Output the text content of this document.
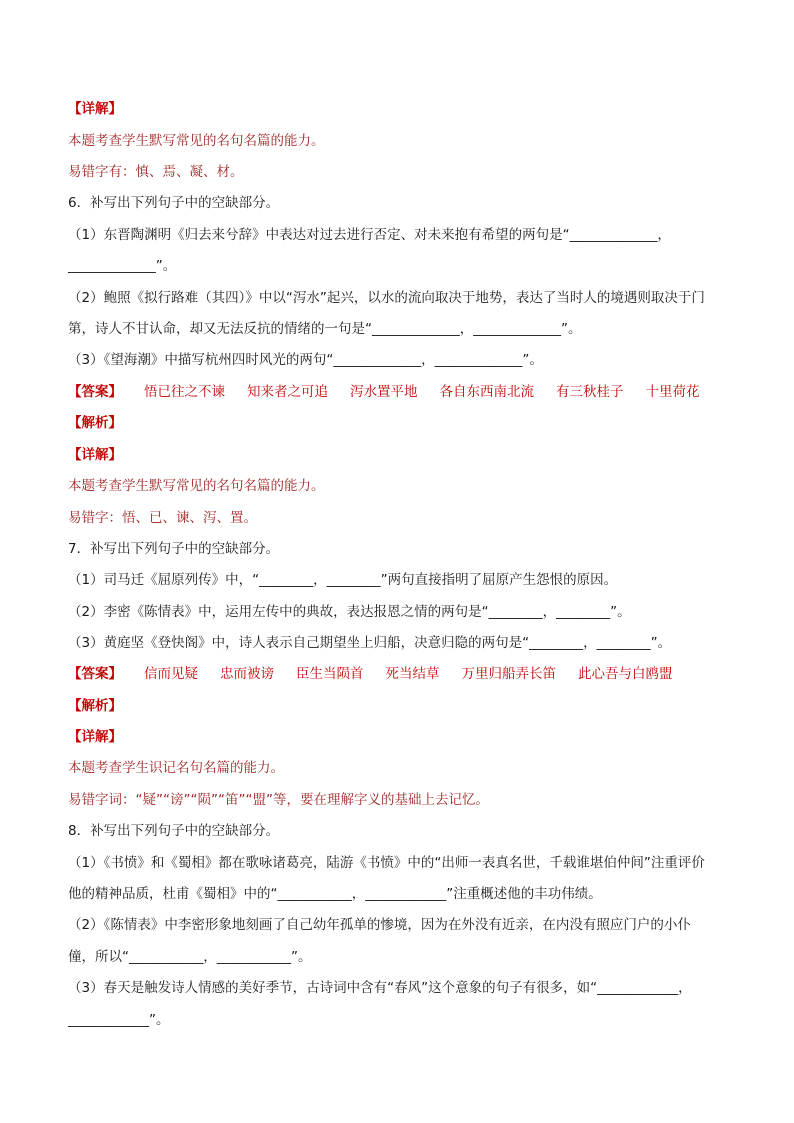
【详解】
本题考查学生默写常见的名句名篇的能力。
易错字有：慎、焉、凝、材。
6．补写出下列句子中的空缺部分。
（1）东晋陶渊明《归去来兮辞》中表达对过去进行否定、对未来抱有希望的两句是“_____________，
_____________”。
（2）鲍照《拟行路难（其四）》中以“泻水”起兴，以水的流向取决于地势，表达了当时人的境遇则取决于门
第，诗人不甘认命，却又无法反抗的情绪的一句是“_____________，_____________”。
（3）《望海潮》中描写杭州四时风光的两句“_____________，_____________”。
【答案】 悟已往之不谏 知来者之可追 泻水置平地 各自东西南北流 有三秋桂子 十里荷花
【解析】
【详解】
本题考查学生默写常见的名句名篇的能力。
易错字：悟、已、谏、泻、置。
7．补写出下列句子中的空缺部分。
（1）司马迁《屈原列传》中，“________，________”两句直接指明了屈原产生怨恨的原因。
（2）李密《陈情表》中，运用左传中的典故，表达报恩之情的两句是“________，________”。
（3）黄庭坚《登快阁》中，诗人表示自己期望坐上归船，决意归隐的两句是“________，________”。
【答案】 信而见疑 忠而被谤 臣生当陨首 死当结草 万里归船弄长笛 此心吾与白鸥盟
【解析】
【详解】
本题考查学生识记名句名篇的能力。
易错字词：“疑”“谤”“陨”“笛”“盟”等，要在理解字义的基础上去记忆。
8．补写出下列句子中的空缺部分。
（1）《书愤》和《蜀相》都在歌咏诸葛亮，陆游《书愤》中的“出师一表真名世，千载谁堪伯仲间”注重评价
他的精神品质，杜甫《蜀相》中的“___________，____________”注重概述他的丰功伟绩。
（2）《陈情表》中李密形象地刻画了自己幼年孤单的惨境，因为在外没有近亲，在内没有照应门户的小仆
僮，所以“___________，___________”。
（3）春天是触发诗人情感的美好季节，古诗词中含有“春风”这个意象的句子有很多，如“____________，
____________”。
